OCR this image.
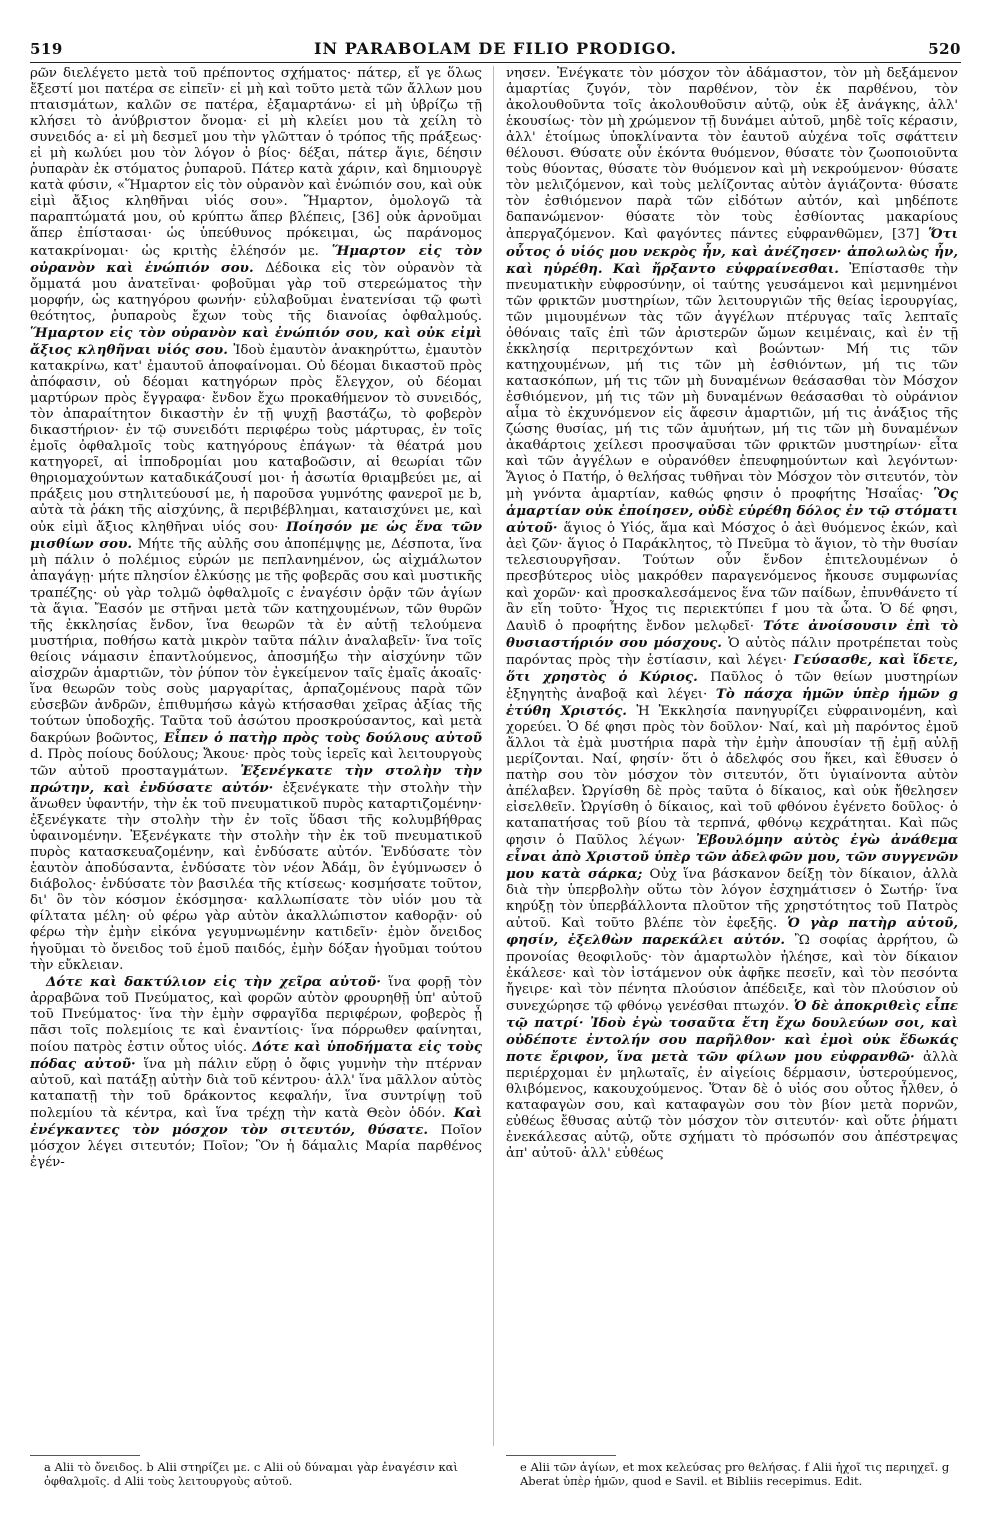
519	IN PARABOLAM DE FILIO PRODIGO.	520

ρῶν διελέγετο μετὰ τοῦ πρέποντος σχήματος· πάτερ, εἴ γε ὅλως ἔξεστί μοι πατέρα σε εἰπεῖν· εἰ μὴ καὶ τοῦτο μετὰ τῶν ἄλλων μου πταισμάτων, καλῶν σε πατέρα, ἐξαμαρτάνω· εἰ μὴ ὑβρίζω τῇ κλήσει τὸ ἀνύβριστον ὄνομα· εἰ μὴ κλείει μου τὰ χείλη τὸ συνειδός a· εἰ μὴ δεσμεῖ μου τὴν γλῶτταν ὁ τρόπος τῆς πράξεως· εἰ μὴ κωλύει μου τὸν λόγον ὁ βίος· δέξαι, πάτερ ἅγιε, δέησιν ῥυπαρὰν ἐκ στόματος ῥυπαροῦ. Πάτερ κατὰ χάριν, καὶ δημιουργὲ κατὰ φύσιν, «Ἥμαρτον εἰς τὸν οὐρανὸν καὶ ἐνώπιόν σου, καὶ οὐκ εἰμὶ ἄξιος κληθῆναι υἱός σου». Ἥμαρτον, ὁμολογῶ τὰ παραπτώματά μου, οὐ κρύπτω ἅπερ βλέπεις, [36] οὐκ ἀρνοῦμαι ἅπερ ἐπίστασαι· ὡς ὑπεύθυνος πρόκειμαι, ὡς παράνομος κατακρίνομαι· ὡς κριτὴς ἐλέησόν με. Ἥμαρτον εἰς τὸν οὐρανὸν καὶ ἐνώπιόν σου. Δέδοικα εἰς τὸν οὐρανὸν τὰ ὄμματά μου ἀνατεῖναι· φοβοῦμαι γὰρ τοῦ στερεώματος τὴν μορφήν, ὡς κατηγόρου φωνήν· εὐλαβοῦμαι ἐνατενίσαι τῷ φωτὶ θεότητος, ῥυπαροὺς ἔχων τοὺς τῆς διανοίας ὀφθαλμούς. Ἥμαρτον εἰς τὸν οὐρανὸν καὶ ἐνώπιόν σου, καὶ οὐκ εἰμὶ ἄξιος κληθῆναι υἱός σου. Ἰδοὺ ἐμαυτὸν ἀνακηρύττω, ἐμαυτὸν κατακρίνω, κατ' ἐμαυτοῦ ἀποφαίνομαι. Οὐ δέομαι δικαστοῦ πρὸς ἀπόφασιν, οὐ δέομαι κατηγόρων πρὸς ἔλεγχον, οὐ δέομαι μαρτύρων πρὸς ἔγγραφα· ἔνδον ἔχω προκαθήμενον τὸ συνειδός, τὸν ἀπαραίτητον δικαστὴν ἐν τῇ ψυχῇ βαστάζω, τὸ φοβερὸν δικαστήριον· ἐν τῷ συνειδότι περιφέρω τοὺς μάρτυρας, ἐν τοῖς ἐμοῖς ὀφθαλμοῖς τοὺς κατηγόρους ἐπάγων· τὰ θέατρά μου κατηγορεῖ, αἱ ἱπποδρομίαι μου καταβοῶσιν, αἱ θεωρίαι τῶν θηριομαχούντων καταδικάζουσί μοι· ἡ ἀσωτία θριαμβεύει με, αἱ πράξεις μου στηλιτεύουσί με, ἡ παροῦσα γυμνότης φανεροῖ με b, αὐτὰ τὰ ῥάκη τῆς αἰσχύνης, ἃ περιβέβλημαι, καταισχύνει με, καὶ οὐκ εἰμὶ ἄξιος κληθῆναι υἱός σου· Ποίησόν με ὡς ἕνα τῶν μισθίων σου. Μήτε τῆς αὐλῆς σου ἀποπέμψῃς με, Δέσποτα, ἵνα μὴ πάλιν ὁ πολέμιος εὑρών με πεπλανημένον, ὡς αἰχμάλωτον ἀπαγάγῃ· μήτε πλησίον ἐλκύσῃς με τῆς φοβερᾶς σου καὶ μυστικῆς τραπέζης· οὐ γὰρ τολμῶ ὀφθαλμοῖς c ἐναγέσιν ὁρᾷν τῶν ἁγίων τὰ ἅγια. Ἔασόν με στῆναι μετὰ τῶν κατηχουμένων, τῶν θυρῶν τῆς ἐκκλησίας ἔνδον, ἵνα θεωρῶν τὰ ἐν αὐτῇ τελούμενα μυστήρια, ποθήσω κατὰ μικρὸν ταῦτα πάλιν ἀναλαβεῖν· ἵνα τοῖς θείοις νάμασιν ἐπαντλούμενος, ἀποσμήξω τὴν αἰσχύνην τῶν αἰσχρῶν ἁμαρτιῶν, τὸν ῥύπον τὸν ἐγκείμενον ταῖς ἐμαῖς ἀκοαῖς· ἵνα θεωρῶν τοὺς σοὺς μαργαρίτας, ἁρπαζομένους παρὰ τῶν εὐσεβῶν ἀνδρῶν, ἐπιθυμήσω κἀγὼ κτήσασθαι χεῖρας ἀξίας τῆς τούτων ὑποδοχῆς. Ταῦτα τοῦ ἀσώτου προσκρούσαντος, καὶ μετὰ δακρύων βοῶντος, Εἶπεν ὁ πατὴρ πρὸς τοὺς δούλους αὐτοῦ d. Πρὸς ποίους δούλους; Ἄκουε· πρὸς τοὺς ἱερεῖς καὶ λειτουργοὺς τῶν αὐτοῦ προσταγμάτων. Ἐξενέγκατε τὴν στολὴν τὴν πρώτην, καὶ ἐνδύσατε αὐτόν· ἐξενέγκατε τὴν στολὴν τὴν ἄνωθεν ὑφαντήν, τὴν ἐκ τοῦ πνευματικοῦ πυρὸς καταρτιζομένην· ἐξενέγκατε τὴν στολὴν τὴν ἐν τοῖς ὕδασι τῆς κολυμβήθρας ὑφαινομένην. Ἐξενέγκατε τὴν στολὴν τὴν ἐκ τοῦ πνευματικοῦ πυρὸς κατασκευαζομένην, καὶ ἐνδύσατε αὐτόν. Ἐνδύσατε τὸν ἑαυτὸν ἀποδύσαντα, ἐνδύσατε τὸν νέον Ἀδάμ, ὃν ἐγύμνωσεν ὁ διάβολος· ἐνδύσατε τὸν βασιλέα τῆς κτίσεως· κοσμήσατε τοῦτον, δι' ὃν τὸν κόσμον ἐκόσμησα· καλλωπίσατε τὸν υἱόν μου τὰ φίλτατα μέλη· οὐ φέρω γὰρ αὐτὸν ἀκαλλώπιστον καθορᾷν· οὐ φέρω τὴν ἐμὴν εἰκόνα γεγυμνωμένην κατιδεῖν· ἐμὸν ὄνειδος ἡγοῦμαι τὸ ὄνειδος τοῦ ἐμοῦ παιδός, ἐμὴν δόξαν ἡγοῦμαι τούτου τὴν εὔκλειαν.

Δότε καὶ δακτύλιον εἰς τὴν χεῖρα αὐτοῦ· ἵνα φορῇ τὸν ἀρραβῶνα τοῦ Πνεύματος, καὶ φορῶν αὐτὸν φρουρηθῇ ὑπ' αὐτοῦ τοῦ Πνεύματος· ἵνα τὴν ἐμὴν σφραγῖδα περιφέρων, φοβερὸς ᾖ πᾶσι τοῖς πολεμίοις τε καὶ ἐναντίοις· ἵνα πόρρωθεν φαίνηται, ποίου πατρὸς ἐστιν οὗτος υἱός. Δότε καὶ ὑποδήματα εἰς τοὺς πόδας αὐτοῦ· ἵνα μὴ πάλιν εὕρῃ ὁ ὄφις γυμνὴν τὴν πτέρναν αὐτοῦ, καὶ πατάξῃ αὐτὴν διὰ τοῦ κέντρου· ἀλλ' ἵνα μᾶλλον αὐτὸς καταπατῇ τὴν τοῦ δράκοντος κεφαλήν, ἵνα συντρίψῃ τοῦ πολεμίου τὰ κέντρα, καὶ ἵνα τρέχῃ τὴν κατὰ Θεὸν ὁδόν. Καὶ ἐνέγκαντες τὸν μόσχον τὸν σιτευτόν, θύσατε. Ποῖον μόσχον λέγει σιτευτόν; Ποῖον; Ὃν ἡ δάμαλις Μαρία παρθένος ἐγέν-

νησεν. Ἐνέγκατε τὸν μόσχον τὸν ἀδάμαστον, τὸν μὴ δεξάμενον ἁμαρτίας ζυγόν, τὸν παρθένον, τὸν ἐκ παρθένου, τὸν ἀκολουθοῦντα τοῖς ἀκολουθοῦσιν αὐτῷ, οὐκ ἐξ ἀνάγκης, ἀλλ' ἑκουσίως· τὸν μὴ χρώμενον τῇ δυνάμει αὐτοῦ, μηδὲ τοῖς κέρασιν, ἀλλ' ἑτοίμως ὑποκλίναντα τὸν ἑαυτοῦ αὐχένα τοῖς σφάττειν θέλουσι. Θύσατε οὖν ἑκόντα θυόμενον, θύσατε τὸν ζωοποιοῦντα τοὺς θύοντας, θύσατε τὸν θυόμενον καὶ μὴ νεκρούμενον· θύσατε τὸν μελιζόμενον, καὶ τοὺς μελίζοντας αὐτὸν ἁγιάζοντα· θύσατε τὸν ἐσθιόμενον παρὰ τῶν εἰδότων αὐτόν, καὶ μηδέποτε δαπανώμενον· θύσατε τὸν τοὺς ἐσθίοντας μακαρίους ἀπεργαζόμενον. Καὶ φαγόντες πάντες εὐφρανθῶμεν, [37] Ὅτι οὗτος ὁ υἱός μου νεκρὸς ἦν, καὶ ἀνέζησεν· ἀπολωλὼς ἦν, καὶ ηὑρέθη. Καὶ ἤρξαντο εὐφραίνεσθαι. Ἐπίστασθε τὴν πνευματικὴν εὐφροσύνην, οἱ ταύτης γευσάμενοι καὶ μεμνημένοι τῶν φρικτῶν μυστηρίων, τῶν λειτουργιῶν τῆς θείας ἱερουργίας, τῶν μιμουμένων τὰς τῶν ἀγγέλων πτέρυγας ταῖς λεπταῖς ὀθόναις ταῖς ἐπὶ τῶν ἀριστερῶν ὤμων κειμέναις, καὶ ἐν τῇ ἐκκλησίᾳ περιτρεχόντων καὶ βοώντων· Μή τις τῶν κατηχουμένων, μή τις τῶν μὴ ἐσθιόντων, μή τις τῶν κατασκόπων, μή τις τῶν μὴ δυναμένων θεάσασθαι τὸν Μόσχον ἐσθιόμενον, μή τις τῶν μὴ δυναμένων θεάσασθαι τὸ οὐράνιον αἷμα τὸ ἐκχυνόμενον εἰς ἄφεσιν ἁμαρτιῶν, μή τις ἀνάξιος τῆς ζώσης θυσίας, μή τις τῶν ἀμυήτων, μή τις τῶν μὴ δυναμένων ἀκαθάρτοις χείλεσι προσψαῦσαι τῶν φρικτῶν μυστηρίων· εἶτα καὶ τῶν ἀγγέλων e οὐρανόθεν ἐπευφημούντων καὶ λεγόντων· Ἅγιος ὁ Πατήρ, ὁ θελήσας τυθῆναι τὸν Μόσχον τὸν σιτευτόν, τὸν μὴ γνόντα ἁμαρτίαν, καθώς φησιν ὁ προφήτης Ἡσαΐας· Ὃς ἁμαρτίαν οὐκ ἐποίησεν, οὐδὲ εὑρέθη δόλος ἐν τῷ στόματι αὐτοῦ· ἅγιος ὁ Υἱός, ἅμα καὶ Μόσχος ὁ ἀεὶ θυόμενος ἑκών, καὶ ἀεὶ ζῶν· ἅγιος ὁ Παράκλητος, τὸ Πνεῦμα τὸ ἅγιον, τὸ τὴν θυσίαν τελεσιουργῆσαν. Τούτων οὖν ἔνδον ἐπιτελουμένων ὁ πρεσβύτερος υἱὸς μακρόθεν παραγενόμενος ἤκουσε συμφωνίας καὶ χορῶν· καὶ προσκαλεσάμενος ἕνα τῶν παίδων, ἐπυνθάνετο τί ἂν εἴη τοῦτο· Ἦχος τις περιεκτύπει f μου τὰ ὦτα. Ὁ δέ φησι, Δαυὶδ ὁ προφήτης ἔνδον μελῳδεῖ· Τότε ἀνοίσουσιν ἐπὶ τὸ θυσιαστήριόν σου μόσχους. Ὁ αὐτὸς πάλιν προτρέπεται τοὺς παρόντας πρὸς τὴν ἑστίασιν, καὶ λέγει· Γεύσασθε, καὶ ἴδετε, ὅτι χρηστὸς ὁ Κύριος. Παῦλος ὁ τῶν θείων μυστηρίων ἐξηγητὴς ἀναβοᾷ καὶ λέγει· Τὸ πάσχα ἡμῶν ὑπὲρ ἡμῶν g ἐτύθη Χριστός. Ἡ Ἐκκλησία πανηγυρίζει εὐφραινομένη, καὶ χορεύει. Ὁ δέ φησι πρὸς τὸν δοῦλον· Ναί, καὶ μὴ παρόντος ἐμοῦ ἄλλοι τὰ ἐμὰ μυστήρια παρὰ τὴν ἐμὴν ἀπουσίαν τῇ ἐμῇ αὐλῇ μερίζονται. Ναί, φησίν· ὅτι ὁ ἀδελφός σου ἥκει, καὶ ἔθυσεν ὁ πατὴρ σου τὸν μόσχον τὸν σιτευτόν, ὅτι ὑγιαίνοντα αὐτὸν ἀπέλαβεν. Ὠργίσθη δὲ πρὸς ταῦτα ὁ δίκαιος, καὶ οὐκ ἤθελησεν εἰσελθεῖν. Ὠργίσθη ὁ δίκαιος, καὶ τοῦ φθόνου ἐγένετο δοῦλος· ὁ καταπατήσας τοῦ βίου τὰ τερπνά, φθόνῳ κεχράτηται. Καὶ πῶς φησιν ὁ Παῦλος λέγων· Ἐβουλόμην αὐτὸς ἐγὼ ἀνάθεμα εἶναι ἀπὸ Χριστοῦ ὑπὲρ τῶν ἀδελφῶν μου, τῶν συγγενῶν μου κατὰ σάρκα; Οὐχ ἵνα βάσκανον δείξῃ τὸν δίκαιον, ἀλλὰ διὰ τὴν ὑπερβολὴν οὕτω τὸν λόγον ἐσχημάτισεν ὁ Σωτήρ· ἵνα κηρύξῃ τὸν ὑπερβάλλοντα πλοῦτον τῆς χρηστότητος τοῦ Πατρὸς αὐτοῦ. Καὶ τοῦτο βλέπε τὸν ἐφεξῆς. Ὁ γὰρ πατὴρ αὐτοῦ, φησίν, ἐξελθὼν παρεκάλει αὐτόν. Ὢ σοφίας ἀρρήτου, ὢ προνοίας θεοφιλοῦς· τὸν ἁμαρτωλὸν ἠλέησε, καὶ τὸν δίκαιον ἐκάλεσε· καὶ τὸν ἱστάμενον οὐκ ἀφῆκε πεσεῖν, καὶ τὸν πεσόντα ἤγειρε· καὶ τὸν πένητα πλούσιον ἀπέδειξε, καὶ τὸν πλούσιον οὐ συνεχώρησε τῷ φθόνῳ γενέσθαι πτωχόν. Ὁ δὲ ἀποκριθεὶς εἶπε τῷ πατρί· Ἰδοὺ ἐγὼ τοσαῦτα ἔτη ἔχω δουλεύων σοι, καὶ οὐδέποτε ἐντολήν σου παρῆλθον· καὶ ἐμοὶ οὐκ ἔδωκάς ποτε ἔριφον, ἵνα μετὰ τῶν φίλων μου εὐφρανθῶ· ἀλλὰ περιέρχομαι ἐν μηλωταῖς, ἐν αἰγείοις δέρμασιν, ὑστερούμενος, θλιβόμενος, κακουχούμενος. Ὅταν δὲ ὁ υἱός σου οὗτος ἦλθεν, ὁ καταφαγὼν σου, καὶ καταφαγὼν σου τὸν βίον μετὰ πορνῶν, εὐθέως ἔθυσας αὐτῷ τὸν μόσχον τὸν σιτευτόν· καὶ οὔτε ῥήματι ἐνεκάλεσας αὐτῷ, οὔτε σχήματι τὸ πρόσωπόν σου ἀπέστρεψας ἀπ' αὐτοῦ· ἀλλ' εὐθέως

a Alii τὸ ὄνειδος. b Alii στηρίζει με. c Alii οὐ δύναμαι γὰρ ἐναγέσιν καὶ ὀφθαλμοῖς. d Alii τοὺς λειτουργοὺς αὐτοῦ.

e Alii τῶν ἁγίων, et mox κελεύσας pro θελήσας. f Alii ἠχοῖ τις περιηχεῖ. g Aberat ὑπὲρ ἡμῶν, quod e Savil. et Bibliis recepimus. Edit.
